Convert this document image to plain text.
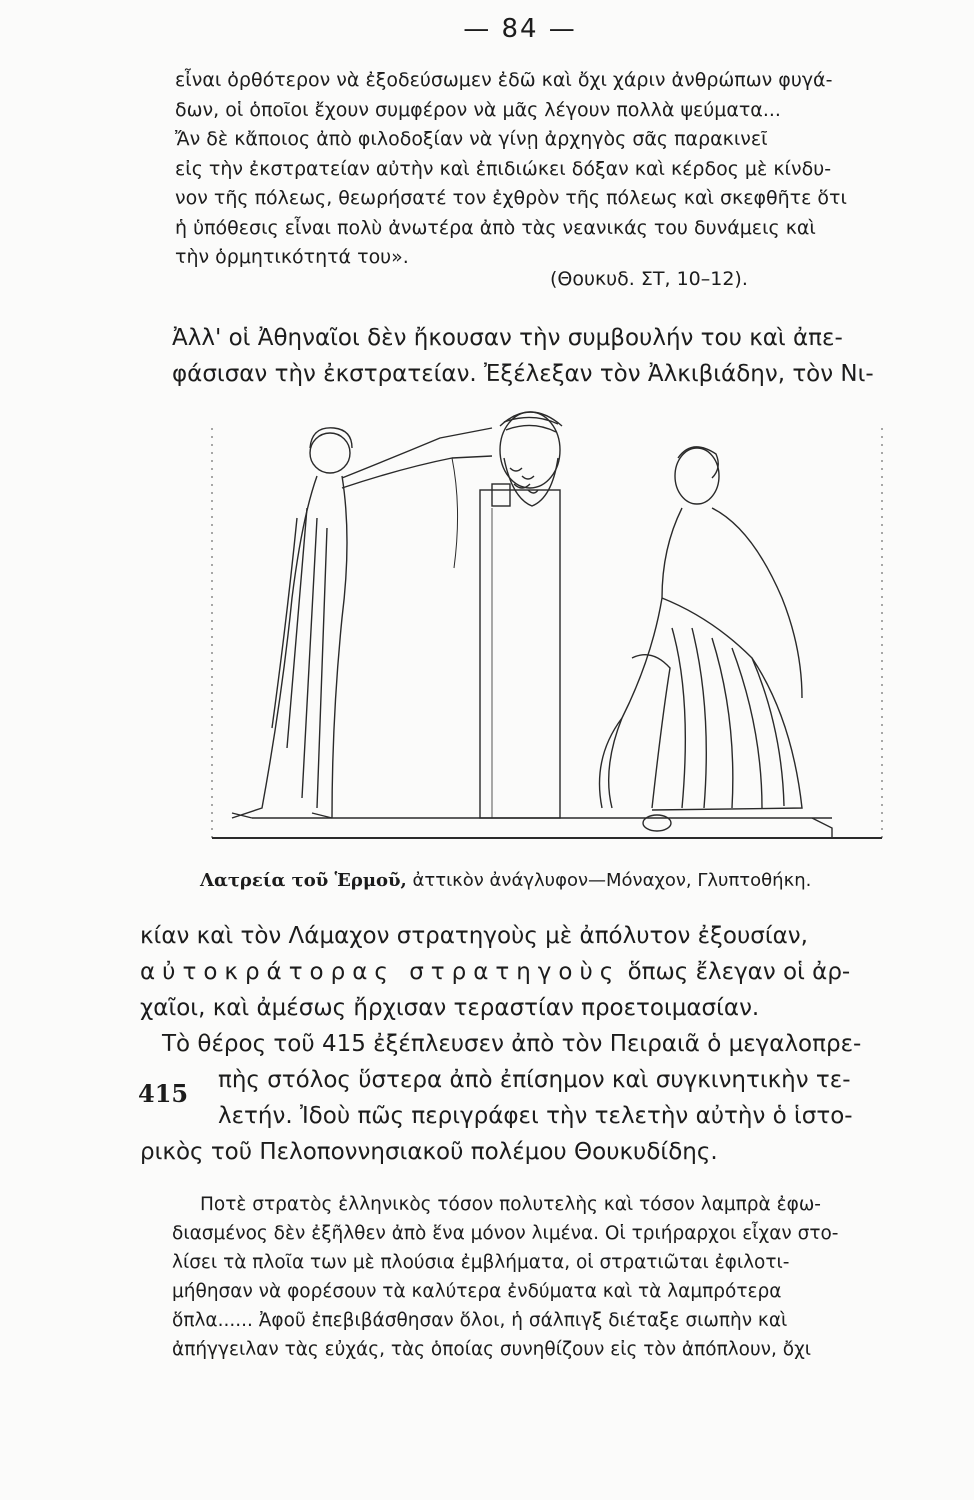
— 84 —

εἶναι ὀρθότερον νὰ ἐξοδεύσωμεν ἐδῶ καὶ ὄχι χάριν ἀνθρώπων φυγά-

δων, οἱ ὁποῖοι ἔχουν συμφέρον νὰ μᾶς λέγουν πολλὰ ψεύματα...

Ἄν δὲ κἄποιος ἀπὸ φιλοδοξίαν νὰ γίνῃ ἀρχηγὸς σᾶς παρακινεῖ

εἰς τὴν ἐκστρατείαν αὐτὴν καὶ ἐπιδιώκει δόξαν καὶ κέρδος μὲ κίνδυ-

νον τῆς πόλεως, θεωρήσατέ τον ἐχθρὸν τῆς πόλεως καὶ σκεφθῆτε ὅτι

ἡ ὑπόθεσις εἶναι πολὺ ἀνωτέρα ἀπὸ τὰς νεανικάς του δυνάμεις καὶ

τὴν ὁρμητικότητά του».

(Θουκυδ. ΣΤ, 10–12).

Ἀλλ' οἱ Ἀθηναῖοι δὲν ἤκουσαν τὴν συμβουλήν του καὶ ἀπε-

φάσισαν τὴν ἐκστρατείαν. Ἐξέλεξαν τὸν Ἀλκιβιάδην, τὸν Νι-

Λατρεία τοῦ Ἑρμοῦ, ἀττικὸν ἀνάγλυφον—Μόναχον, Γλυπτοθήκη.

κίαν καὶ τὸν Λάμαχον στρατηγοὺς μὲ ἀπόλυτον ἐξουσίαν,

αὐτοκράτορας στρατηγοὺς ὅπως ἔλεγαν οἱ ἀρ-

χαῖοι, καὶ ἀμέσως ἤρχισαν τεραστίαν προετοιμασίαν.

Τὸ θέρος τοῦ 415 ἐξέπλευσεν ἀπὸ τὸν Πειραιᾶ ὁ μεγαλοπρε-

πὴς στόλος ὕστερα ἀπὸ ἐπίσημον καὶ συγκινητικὴν τε-

λετήν. Ἰδοὺ πῶς περιγράφει τὴν τελετὴν αὐτὴν ὁ ἱστο-

ρικὸς τοῦ Πελοποννησιακοῦ πολέμου Θουκυδίδης.

415

Ποτὲ στρατὸς ἑλληνικὸς τόσον πολυτελὴς καὶ τόσον λαμπρὰ ἐφω-

διασμένος δὲν ἐξῆλθεν ἀπὸ ἕνα μόνον λιμένα. Οἱ τριήραρχοι εἶχαν στο-

λίσει τὰ πλοῖα των μὲ πλούσια ἐμβλήματα, οἱ στρατιῶται ἐφιλοτι-

μήθησαν νὰ φορέσουν τὰ καλύτερα ἐνδύματα καὶ τὰ λαμπρότερα

ὅπλα...... Ἀφοῦ ἐπεβιβάσθησαν ὅλοι, ἡ σάλπιγξ διέταξε σιωπὴν καὶ

ἀπήγγειλαν τὰς εὐχάς, τὰς ὁποίας συνηθίζουν εἰς τὸν ἀπόπλουν, ὄχι
